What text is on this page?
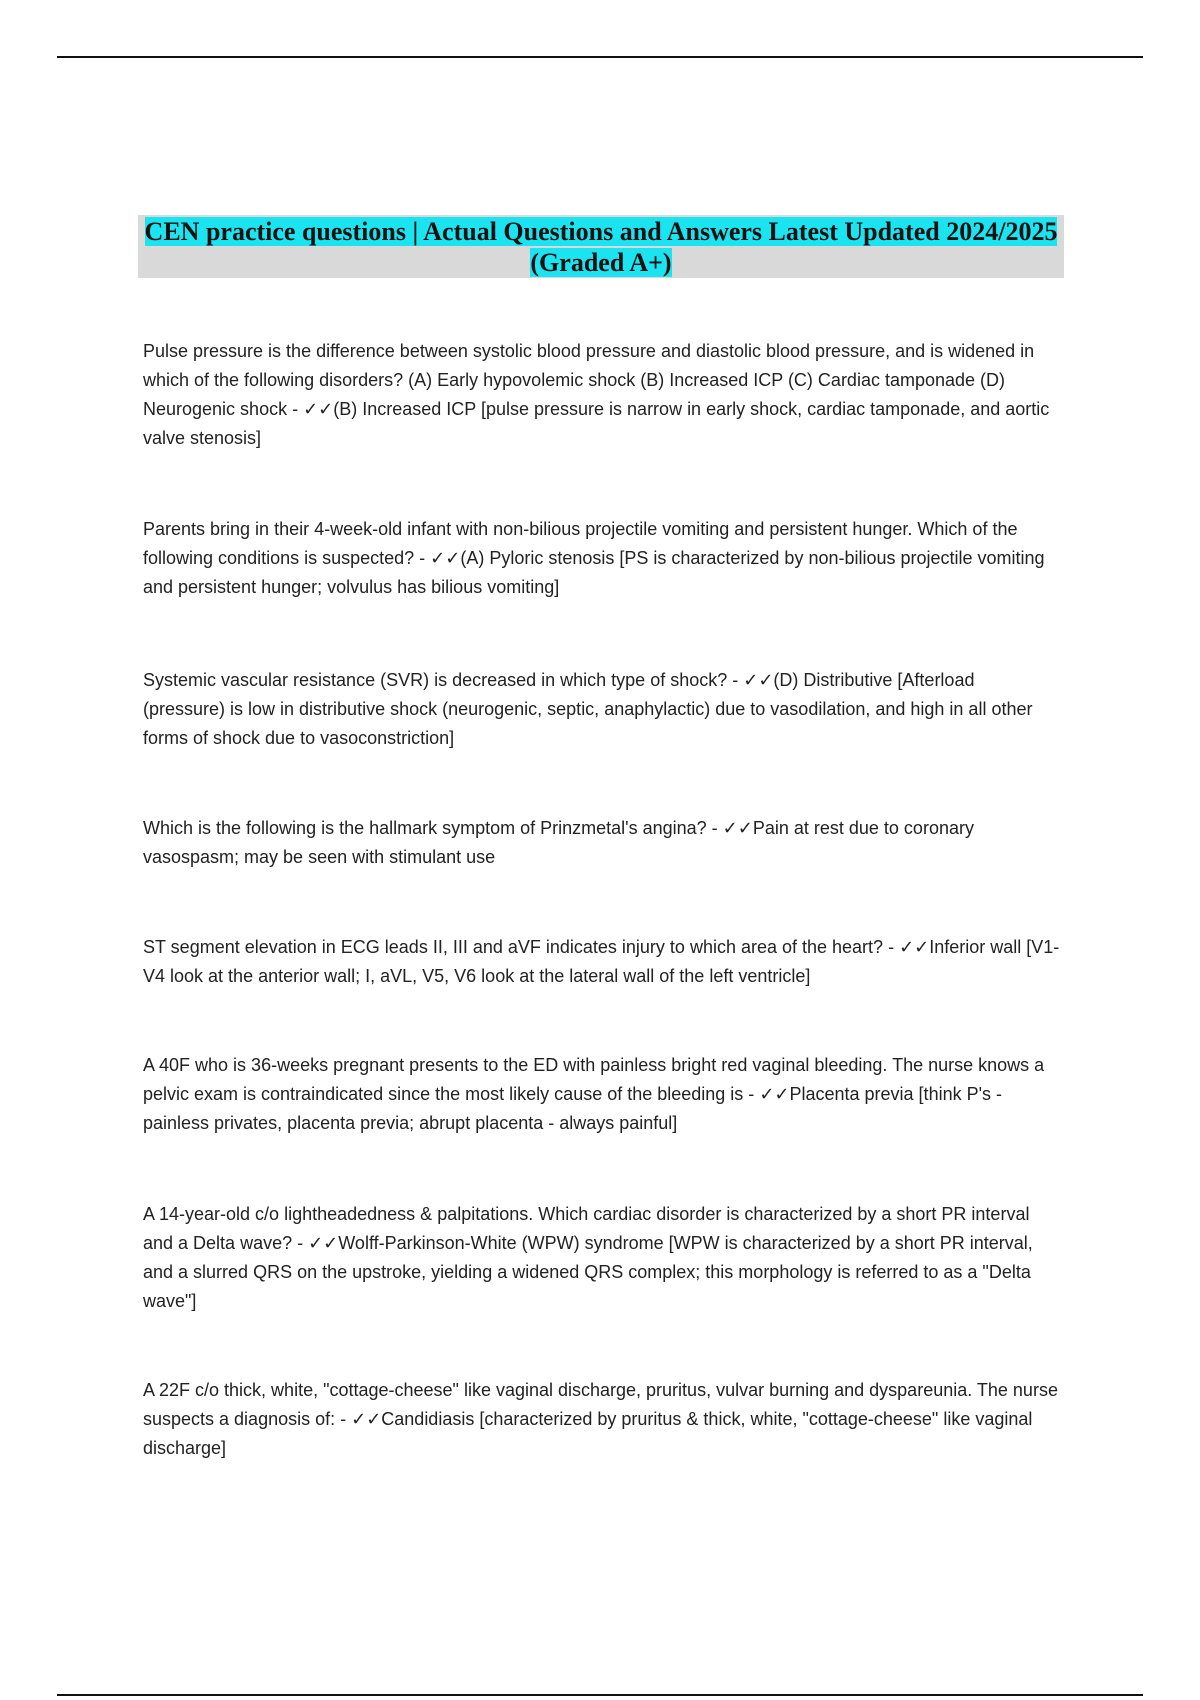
CEN practice questions | Actual Questions and Answers Latest Updated 2024/2025 (Graded A+)

Pulse pressure is the difference between systolic blood pressure and diastolic blood pressure, and is widened in which of the following disorders? (A) Early hypovolemic shock (B) Increased ICP (C) Cardiac tamponade (D) Neurogenic shock - ✓✓(B) Increased ICP [pulse pressure is narrow in early shock, cardiac tamponade, and aortic valve stenosis]

Parents bring in their 4-week-old infant with non-bilious projectile vomiting and persistent hunger. Which of the following conditions is suspected? - ✓✓(A) Pyloric stenosis [PS is characterized by non-bilious projectile vomiting and persistent hunger; volvulus has bilious vomiting]

Systemic vascular resistance (SVR) is decreased in which type of shock? - ✓✓(D) Distributive [Afterload (pressure) is low in distributive shock (neurogenic, septic, anaphylactic) due to vasodilation, and high in all other forms of shock due to vasoconstriction]

Which is the following is the hallmark symptom of Prinzmetal's angina? - ✓✓Pain at rest due to coronary vasospasm; may be seen with stimulant use

ST segment elevation in ECG leads II, III and aVF indicates injury to which area of the heart? - ✓✓Inferior wall [V1-V4 look at the anterior wall; I, aVL, V5, V6 look at the lateral wall of the left ventricle]

A 40F who is 36-weeks pregnant presents to the ED with painless bright red vaginal bleeding. The nurse knows a pelvic exam is contraindicated since the most likely cause of the bleeding is - ✓✓Placenta previa [think P's - painless privates, placenta previa; abrupt placenta - always painful]

A 14-year-old c/o lightheadedness & palpitations. Which cardiac disorder is characterized by a short PR interval and a Delta wave? - ✓✓Wolff-Parkinson-White (WPW) syndrome [WPW is characterized by a short PR interval, and a slurred QRS on the upstroke, yielding a widened QRS complex; this morphology is referred to as a "Delta wave"]

A 22F c/o thick, white, "cottage-cheese" like vaginal discharge, pruritus, vulvar burning and dyspareunia. The nurse suspects a diagnosis of: - ✓✓Candidiasis [characterized by pruritus & thick, white, "cottage-cheese" like vaginal discharge]
